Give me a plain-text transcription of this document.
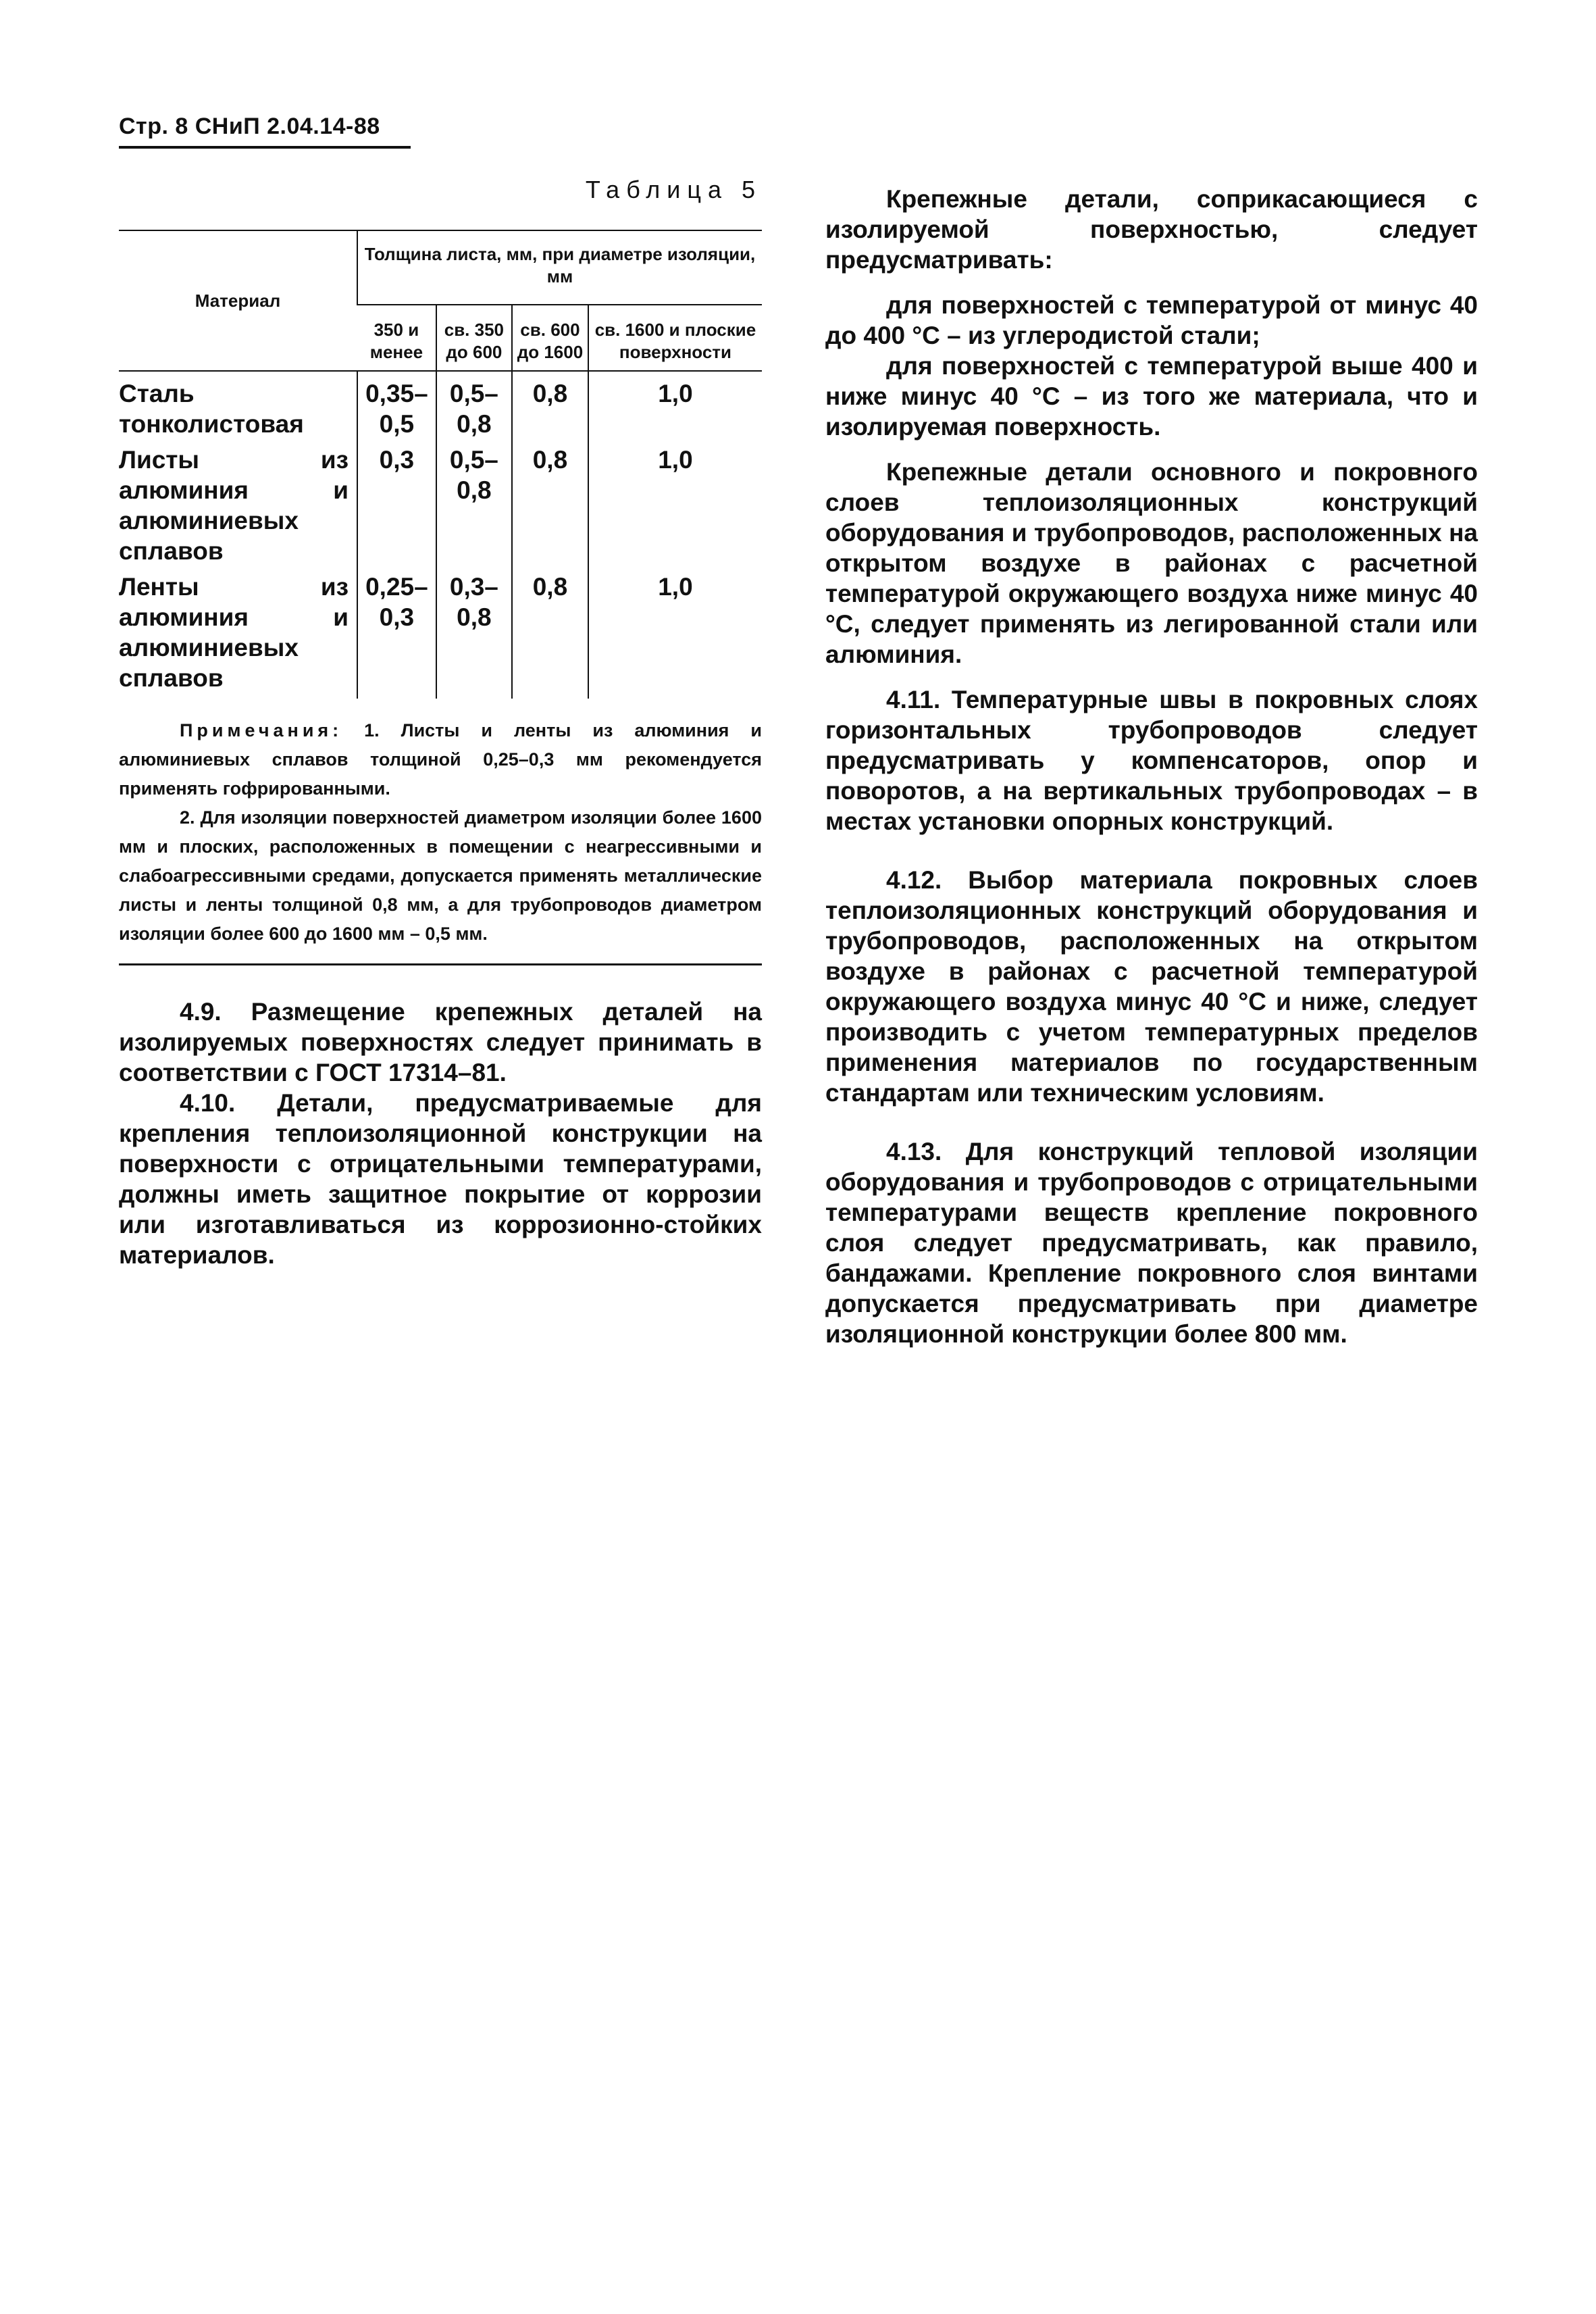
Стр. 8 СНиП 2.04.14-88
Таблица 5
Материал	Толщина листа, мм, при диаметре изоляции, мм			
	350 и менее	св. 350 до 600	св. 600 до 1600	св. 1600 и плоские поверхности
Сталь тонколистовая	0,35–0,5	0,5–0,8	0,8	1,0
Листы из алюминия и алюминиевых сплавов	0,3	0,5–0,8	0,8	1,0
Ленты из алюминия и алюминиевых сплавов	0,25–0,3	0,3–0,8	0,8	1,0

Примечания: 1. Листы и ленты из алюминия и алюминиевых сплавов толщиной 0,25–0,3 мм рекомендуется применять гофрированными.

2. Для изоляции поверхностей диаметром изоляции более 1600 мм и плоских, расположенных в помещении с неагрессивными и слабоагрессивными средами, допускается применять металлические листы и ленты толщиной 0,8 мм, а для трубопроводов диаметром изоляции более 600 до 1600 мм – 0,5 мм.

4.9. Размещение крепежных деталей на изолируемых поверхностях следует принимать в соответствии с ГОСТ 17314–81.

4.10. Детали, предусматриваемые для крепления теплоизоляционной конструкции на поверхности с отрицательными температурами, должны иметь защитное покрытие от коррозии или изготавливаться из коррозионно-стойких материалов.

Крепежные детали, соприкасающиеся с изолируемой поверхностью, следует предусматривать:

для поверхностей с температурой от минус 40 до 400 °С – из углеродистой стали;

для поверхностей с температурой выше 400 и ниже минус 40 °С – из того же материала, что и изолируемая поверхность.

Крепежные детали основного и покровного слоев теплоизоляционных конструкций оборудования и трубопроводов, расположенных на открытом воздухе в районах с расчетной температурой окружающего воздуха ниже минус 40 °С, следует применять из легированной стали или алюминия.

4.11. Температурные швы в покровных слоях горизонтальных трубопроводов следует предусматривать у компенсаторов, опор и поворотов, а на вертикальных трубопроводах – в местах установки опорных конструкций.

4.12. Выбор материала покровных слоев теплоизоляционных конструкций оборудования и трубопроводов, расположенных на открытом воздухе в районах с расчетной температурой окружающего воздуха минус 40 °С и ниже, следует производить с учетом температурных пределов применения материалов по государственным стандартам или техническим условиям.

4.13. Для конструкций тепловой изоляции оборудования и трубопроводов с отрицательными температурами веществ крепление покровного слоя следует предусматривать, как правило, бандажами. Крепление покровного слоя винтами допускается предусматривать при диаметре изоляционной конструкции более 800 мм.
